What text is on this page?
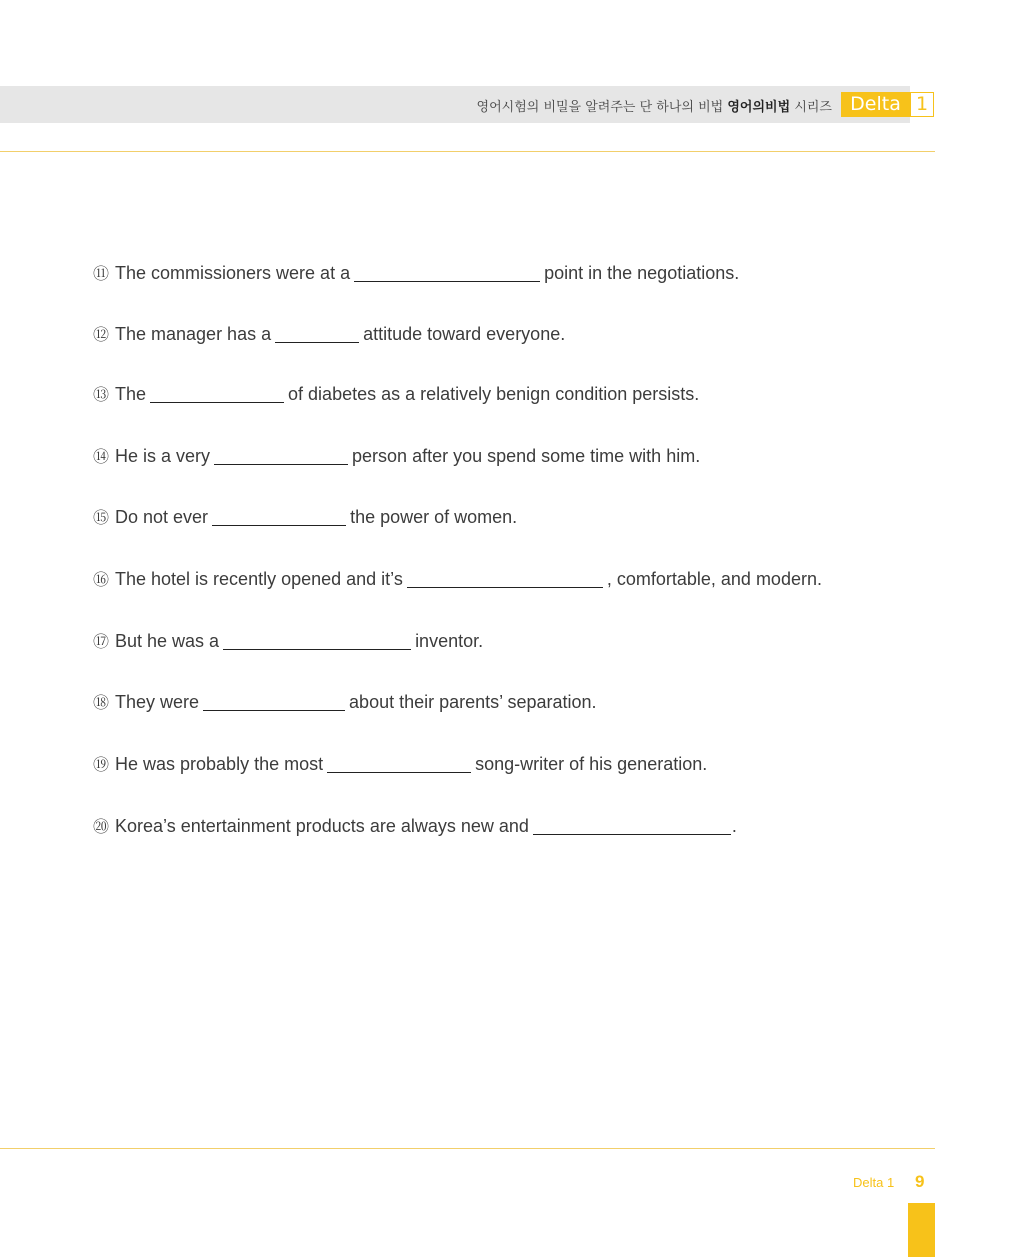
영어시험의 비밀을 알려주는 단 하나의 비법 영어의비법 시리즈 Delta 1
⑪ The commissioners were at a	point in the negotiations.
⑫ The manager has a	attitude toward everyone.
⑬ The	of diabetes as a relatively benign condition persists.
⑭ He is a very	person after you spend some time with him.
⑮ Do not ever	the power of women.
⑯ The hotel is recently opened and it’s	, comfortable, and modern.
⑰ But he was a	inventor.
⑱ They were	about their parents’ separation.
⑲ He was probably the most	song-writer of his generation.
⑳ Korea’s entertainment products are always new and	.
Delta 1 9
